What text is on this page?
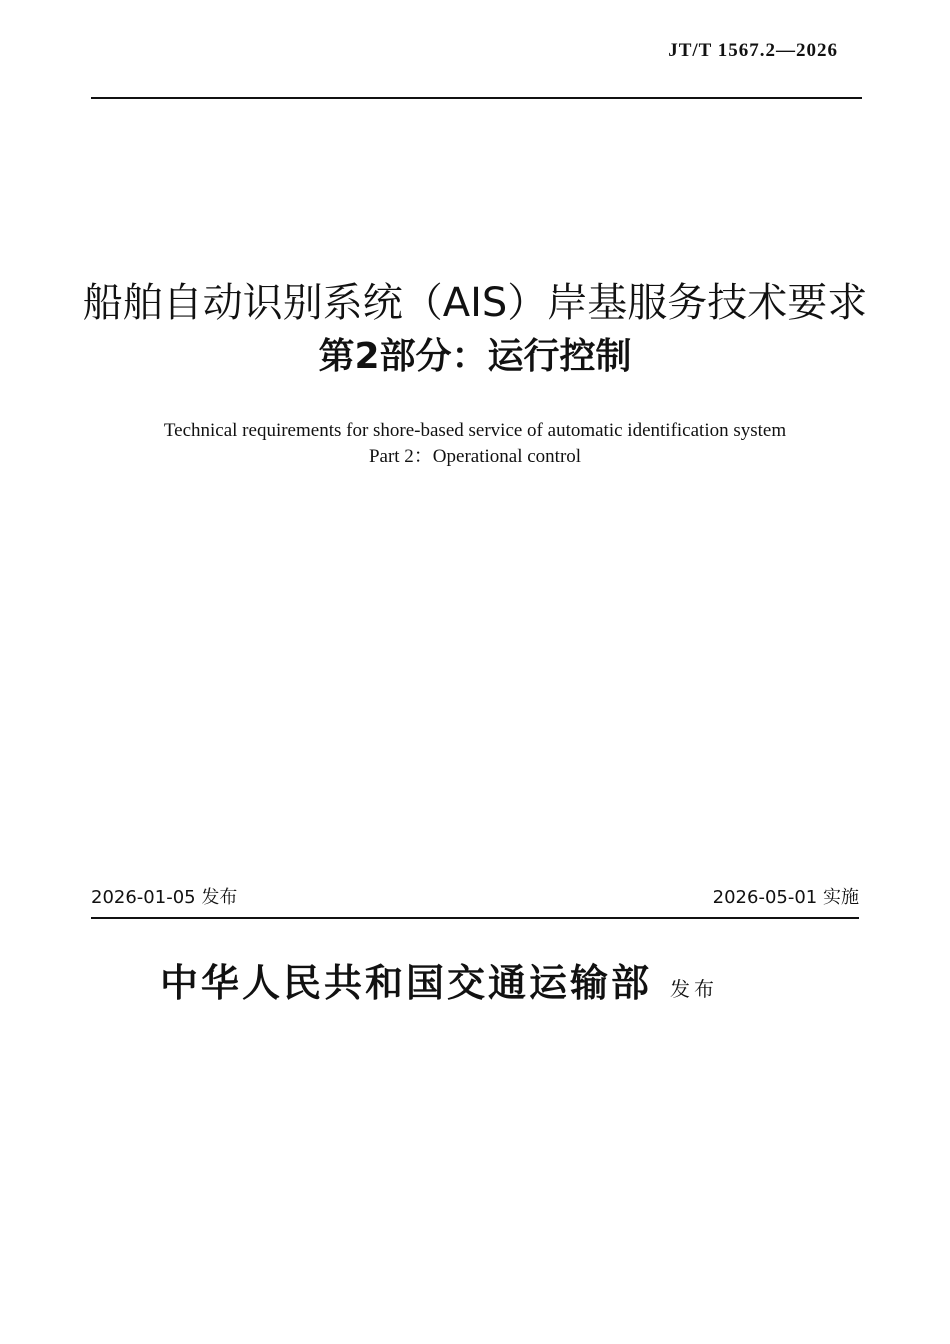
JT/T 1567.2—2026
船舶自动识别系统（AIS）岸基服务技术要求
第2部分：运行控制
Technical requirements for shore-based service of automatic identification system
Part 2：Operational control
2026-01-05 发布	2026-05-01 实施
中华人民共和国交通运输部 发布
